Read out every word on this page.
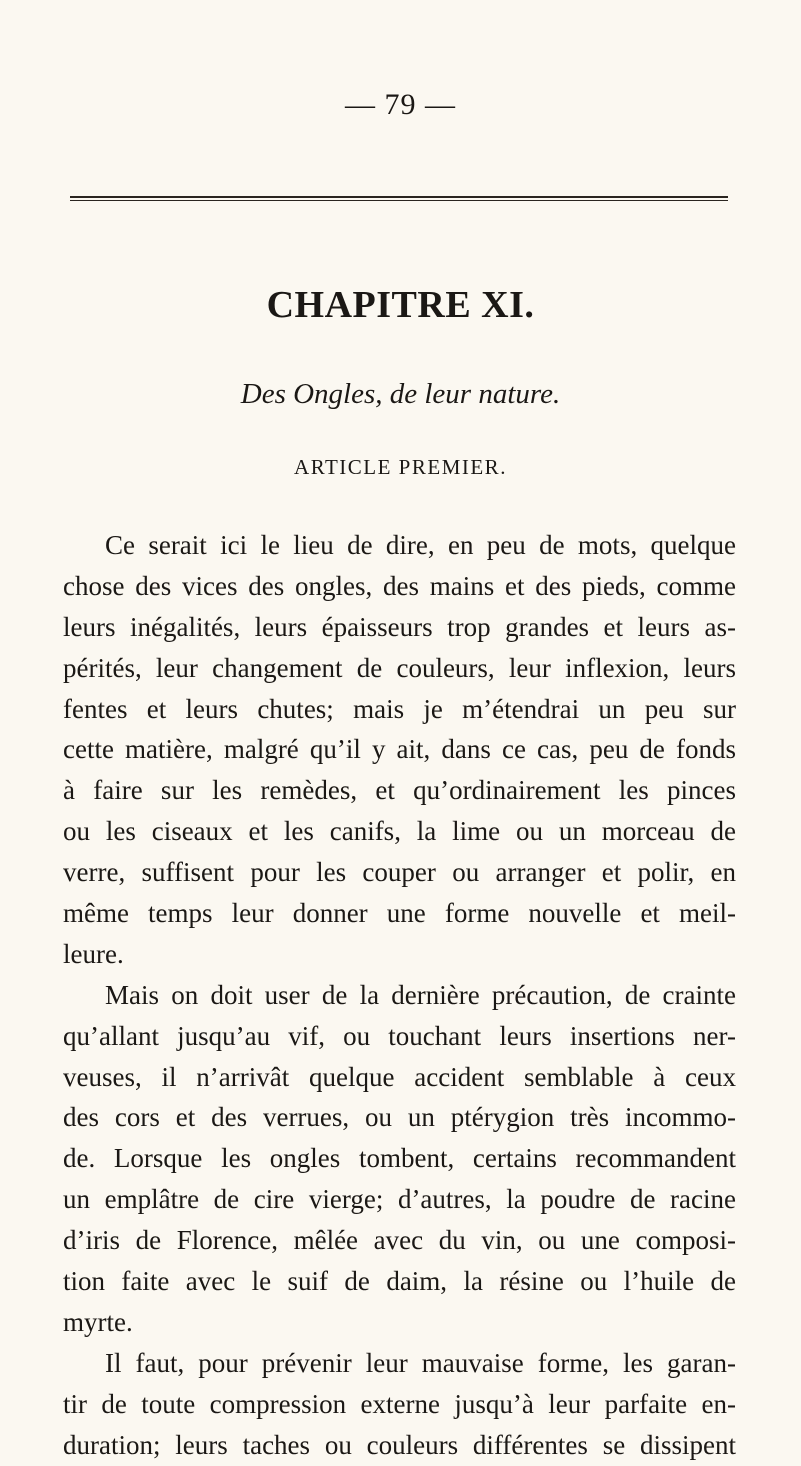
— 79 —
CHAPITRE XI.
Des Ongles, de leur nature.
ARTICLE PREMIER.
Ce serait ici le lieu de dire, en peu de mots, quelque
chose des vices des ongles, des mains et des pieds, comme
leurs inégalités, leurs épaisseurs trop grandes et leurs as-
pérités, leur changement de couleurs, leur inflexion, leurs
fentes et leurs chutes; mais je m’étendrai un peu sur
cette matière, malgré qu’il y ait, dans ce cas, peu de fonds
à faire sur les remèdes, et qu’ordinairement les pinces
ou les ciseaux et les canifs, la lime ou un morceau de
verre, suffisent pour les couper ou arranger et polir, en
même temps leur donner une forme nouvelle et meil-
leure.
Mais on doit user de la dernière précaution, de crainte
qu’allant jusqu’au vif, ou touchant leurs insertions ner-
veuses, il n’arrivât quelque accident semblable à ceux
des cors et des verrues, ou un ptérygion très incommo-
de. Lorsque les ongles tombent, certains recommandent
un emplâtre de cire vierge; d’autres, la poudre de racine
d’iris de Florence, mêlée avec du vin, ou une composi-
tion faite avec le suif de daim, la résine ou l’huile de
myrte.
Il faut, pour prévenir leur mauvaise forme, les garan-
tir de toute compression externe jusqu’à leur parfaite en-
duration; leurs taches ou couleurs différentes se dissipent
